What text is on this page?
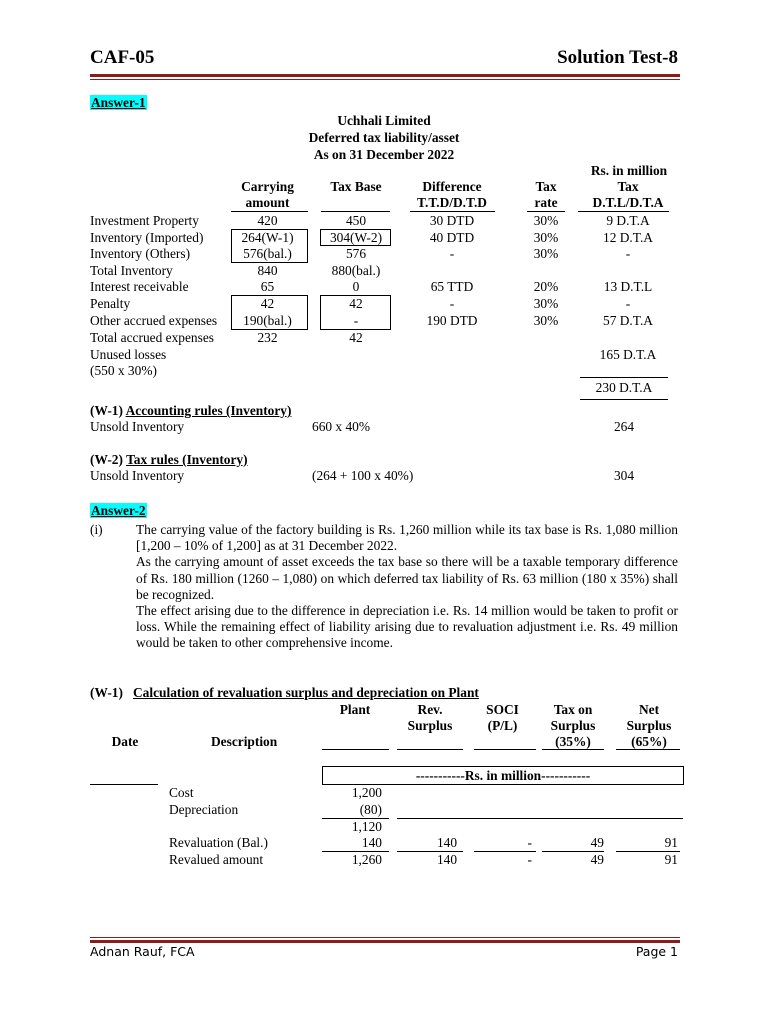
CAF-05	Solution Test-8
Answer-1
Uchhali Limited
Deferred tax liability/asset
As on 31 December 2022
Rs. in million
Carrying
amount
Tax Base	Difference
T.T.D/D.T.D
Tax
rate
Tax
D.T.L/D.T.A
Investment Property	420	450	30 DTD	30%	9 D.T.A
Inventory (Imported)	264(W-1)	304(W-2)	40 DTD	30%	12 D.T.A
Inventory (Others)	576(bal.)	576	-	30%	-
Total Inventory	840	880(bal.)
Interest receivable	65	0	65 TTD	20%	13 D.T.L
Penalty	42	42	-	30%	-
Other accrued expenses	190(bal.)	-	190 DTD	30%	57 D.T.A
Total accrued expenses	232	42
Unused losses	165 D.T.A
(550 x 30%)
230 D.T.A
(W-1) Accounting rules (Inventory)
Unsold Inventory	660 x 40%	264
(W-2) Tax rules (Inventory)
Unsold Inventory	(264 + 100 x 40%)	304
Answer-2
(i) The carrying value of the factory building is Rs. 1,260 million while its tax base is Rs. 1,080 million [1,200 – 10% of 1,200] as at 31 December 2022.

As the carrying amount of asset exceeds the tax base so there will be a taxable temporary difference of Rs. 180 million (1260 – 1,080) on which deferred tax liability of Rs. 63 million (180 x 35%) shall be recognized.

The effect arising due to the difference in depreciation i.e. Rs. 14 million would be taken to profit or loss. While the remaining effect of liability arising due to revaluation adjustment i.e. Rs. 49 million would be taken to other comprehensive income.

(W-1) Calculation of revaluation surplus and depreciation on Plant
Plant	Rev.
Surplus
SOCI
(P/L)
Tax on
Surplus
(35%)
Net
Surplus
(65%)
Date	Description
-----------Rs. in million-----------
Cost	1,200
Depreciation	(80)
1,120
Revaluation (Bal.)	140	140	-	49	91
Revalued amount	1,260	140	-	49	91
Adnan Rauf, FCA	Page 1
